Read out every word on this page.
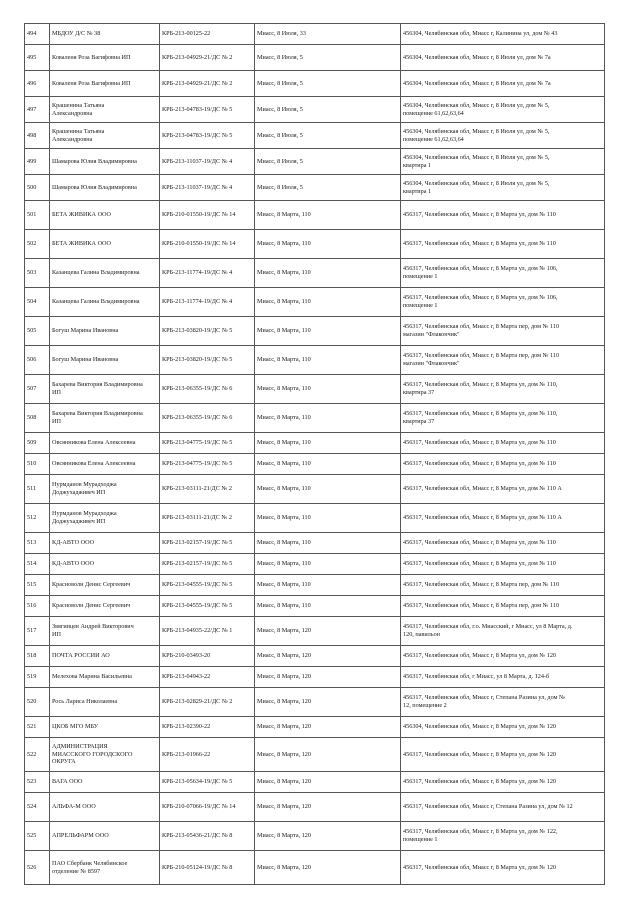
494	МБДОУ Д/С № 38	КРБ-213-00125-22	Миасс, 8 Июля, 33	456304, Челябинская обл, Миасс г, Калинина ул, дом № 43
495	Коваленя Роза Вагифовна ИП	КРБ-213-04929-21/ДС № 2	Миасс, 8 Июля, 5	456304, Челябинская обл, Миасс г, 8 Июля ул, дом № 7а
496	Коваленя Роза Вагифовна ИП	КРБ-213-04929-21/ДС № 2	Миасс, 8 Июля, 5	456304, Челябинская обл, Миасс г, 8 Июля ул, дом № 7а
497	Крашенина Татьяна
Александровна	КРБ-213-04783-19/ДС № 5	Миасс, 8 Июля, 5	456304, Челябинская обл, Миасс г, 8 Июля ул, дом № 5,
помещение 61,62,63,64
498	Крашенина Татьяна
Александровна	КРБ-213-04783-19/ДС № 5	Миасс, 8 Июля, 5	456304, Челябинская обл, Миасс г, 8 Июля ул, дом № 5,
помещение 61,62,63,64
499	Шамарова Юлия Владимировна	КРБ-213-11037-19/ДС № 4	Миасс, 8 Июля, 5	456304, Челябинская обл, Миасс г, 8 Июля ул, дом № 5,
квартира 1
500	Шамарова Юлия Владимировна	КРБ-213-11037-19/ДС № 4	Миасс, 8 Июля, 5	456304, Челябинская обл, Миасс г, 8 Июля ул, дом № 5,
квартира 1
501	БЕТА ЖИВИКА ООО	КРБ-210-01550-19/ДС № 14	Миасс, 8 Марта, 110	456317, Челябинская обл, Миасс г, 8 Марта ул, дом № 110
502	БЕТА ЖИВИКА ООО	КРБ-210-01550-19/ДС № 14	Миасс, 8 Марта, 110	456317, Челябинская обл, Миасс г, 8 Марта ул, дом № 110
503	Казанцева Галина Владимировна	КРБ-213-11774-19/ДС № 4	Миасс, 8 Марта, 110	456317, Челябинская обл, Миасс г, 8 Марта ул, дом № 106,
помещение 1
504	Казанцева Галина Владимировна	КРБ-213-11774-19/ДС № 4	Миасс, 8 Марта, 110	456317, Челябинская обл, Миасс г, 8 Марта ул, дом № 106,
помещение 1
505	Богуш Марина Ивановна	КРБ-213-03820-19/ДС № 5	Миасс, 8 Марта, 110	456317, Челябинская обл, Миасс г, 8 Марта пер, дом № 110
магазин "Флакончик"
506	Богуш Марина Ивановна	КРБ-213-03820-19/ДС № 5	Миасс, 8 Марта, 110	456317, Челябинская обл, Миасс г, 8 Марта пер, дом № 110
магазин "Флакончик"
507	Бахарева Виктория Владимировна
ИП	КРБ-213-06355-19/ДС № 6	Миасс, 8 Марта, 110	456317, Челябинская обл, Миасс г, 8 Марта ул, дом № 110,
квартира 37
508	Бахарева Виктория Владимировна
ИП	КРБ-213-06355-19/ДС № 6	Миасс, 8 Марта, 110	456317, Челябинская обл, Миасс г, 8 Марта ул, дом № 110,
квартира 37
509	Овсянникова Елена Алексеевна	КРБ-213-04775-19/ДС № 5	Миасс, 8 Марта, 110	456317, Челябинская обл, Миасс г, 8 Марта ул, дом № 110
510	Овсянникова Елена Алексеевна	КРБ-213-04775-19/ДС № 5	Миасс, 8 Марта, 110	456317, Челябинская обл, Миасс г, 8 Марта ул, дом № 110
511	Нурмданов Мурадходжа
Доджухадживеч ИП	КРБ-213-03111-21/ДС № 2	Миасс, 8 Марта, 110	456317, Челябинская обл, Миасс г, 8 Марта ул, дом № 110 А
512	Нурмданов Мурадходжа
Доджухадживеч ИП	КРБ-213-03111-21/ДС № 2	Миасс, 8 Марта, 110	456317, Челябинская обл, Миасс г, 8 Марта ул, дом № 110 А
513	КД-АВТО ООО	КРБ-213-02157-19/ДС № 5	Миасс, 8 Марта, 110	456317, Челябинская обл, Миасс г, 8 Марта ул, дом № 110
514	КД-АВТО ООО	КРБ-213-02157-19/ДС № 5	Миасс, 8 Марта, 110	456317, Челябинская обл, Миасс г, 8 Марта ул, дом № 110
515	Красноволн Денис Сергеевич	КРБ-213-04555-19/ДС № 5	Миасс, 8 Марта, 110	456317, Челябинская обл, Миасс г, 8 Марта пер, дом № 110
516	Красноволн Денис Сергеевич	КРБ-213-04555-19/ДС № 5	Миасс, 8 Марта, 110	456317, Челябинская обл, Миасс г, 8 Марта пер, дом № 110
517	Звягинцев Андрей Викторович
ИП	КРБ-213-04935-22/ДС № 1	Миасс, 8 Марта, 120	456317, Челябинская обл, г.о. Миасский, г Миасс, ул 8 Марта, д.
120, павильон
518	ПОЧТА РОССИИ АО	КРБ-210-03493-20	Миасс, 8 Марта, 120	456317, Челябинская обл, Миасс г, 8 Марта ул, дом № 120
519	Мелехова Марина Васильевна	КРБ-213-04943-22	Миасс, 8 Марта, 120	456317, Челябинская обл, г Миасс, ул 8 Марта, д. 124-б
520	Рось Лариса Николаевна	КРБ-213-02829-21/ДС № 2	Миасс, 8 Марта, 120	456317, Челябинская обл, Миасс г, Степана Разина ул, дом №
12, помещение 2
521	ЦКОБ МГО МБУ	КРБ-213-02390-22	Миасс, 8 Марта, 120	456304, Челябинская обл, Миасс г, 8 Марта ул, дом № 120
522	АДМИНИСТРАЦИЯ
МИАССКОГО ГОРОДСКОГО
ОКРУГА	КРБ-213-01966-22	Миасс, 8 Марта, 120	456317, Челябинская обл, Миасс г, 8 Марта ул, дом № 120
523	ВАГА ООО	КРБ-213-05634-19/ДС № 5	Миасс, 8 Марта, 120	456317, Челябинская обл, Миасс г, 8 Марта ул, дом № 120
524	АЛЬФА-М ООО	КРБ-210-07066-19/ДС № 14	Миасс, 8 Марта, 120	456317, Челябинская обл, Миасс г, Степана Разина ул, дом № 12
525	АПРЕЛЬФАРМ ООО	КРБ-213-05436-21/ДС № 8	Миасс, 8 Марта, 120	456317, Челябинская обл, Миасс г, 8 Марта ул, дом № 122,
помещение 1
526	ПАО Сбербанк Челябинское
отделение № 8597	КРБ-210-05124-19/ДС № 8	Миасс, 8 Марта, 120	456317, Челябинская обл, Миасс г, 8 Марта ул, дом № 120
